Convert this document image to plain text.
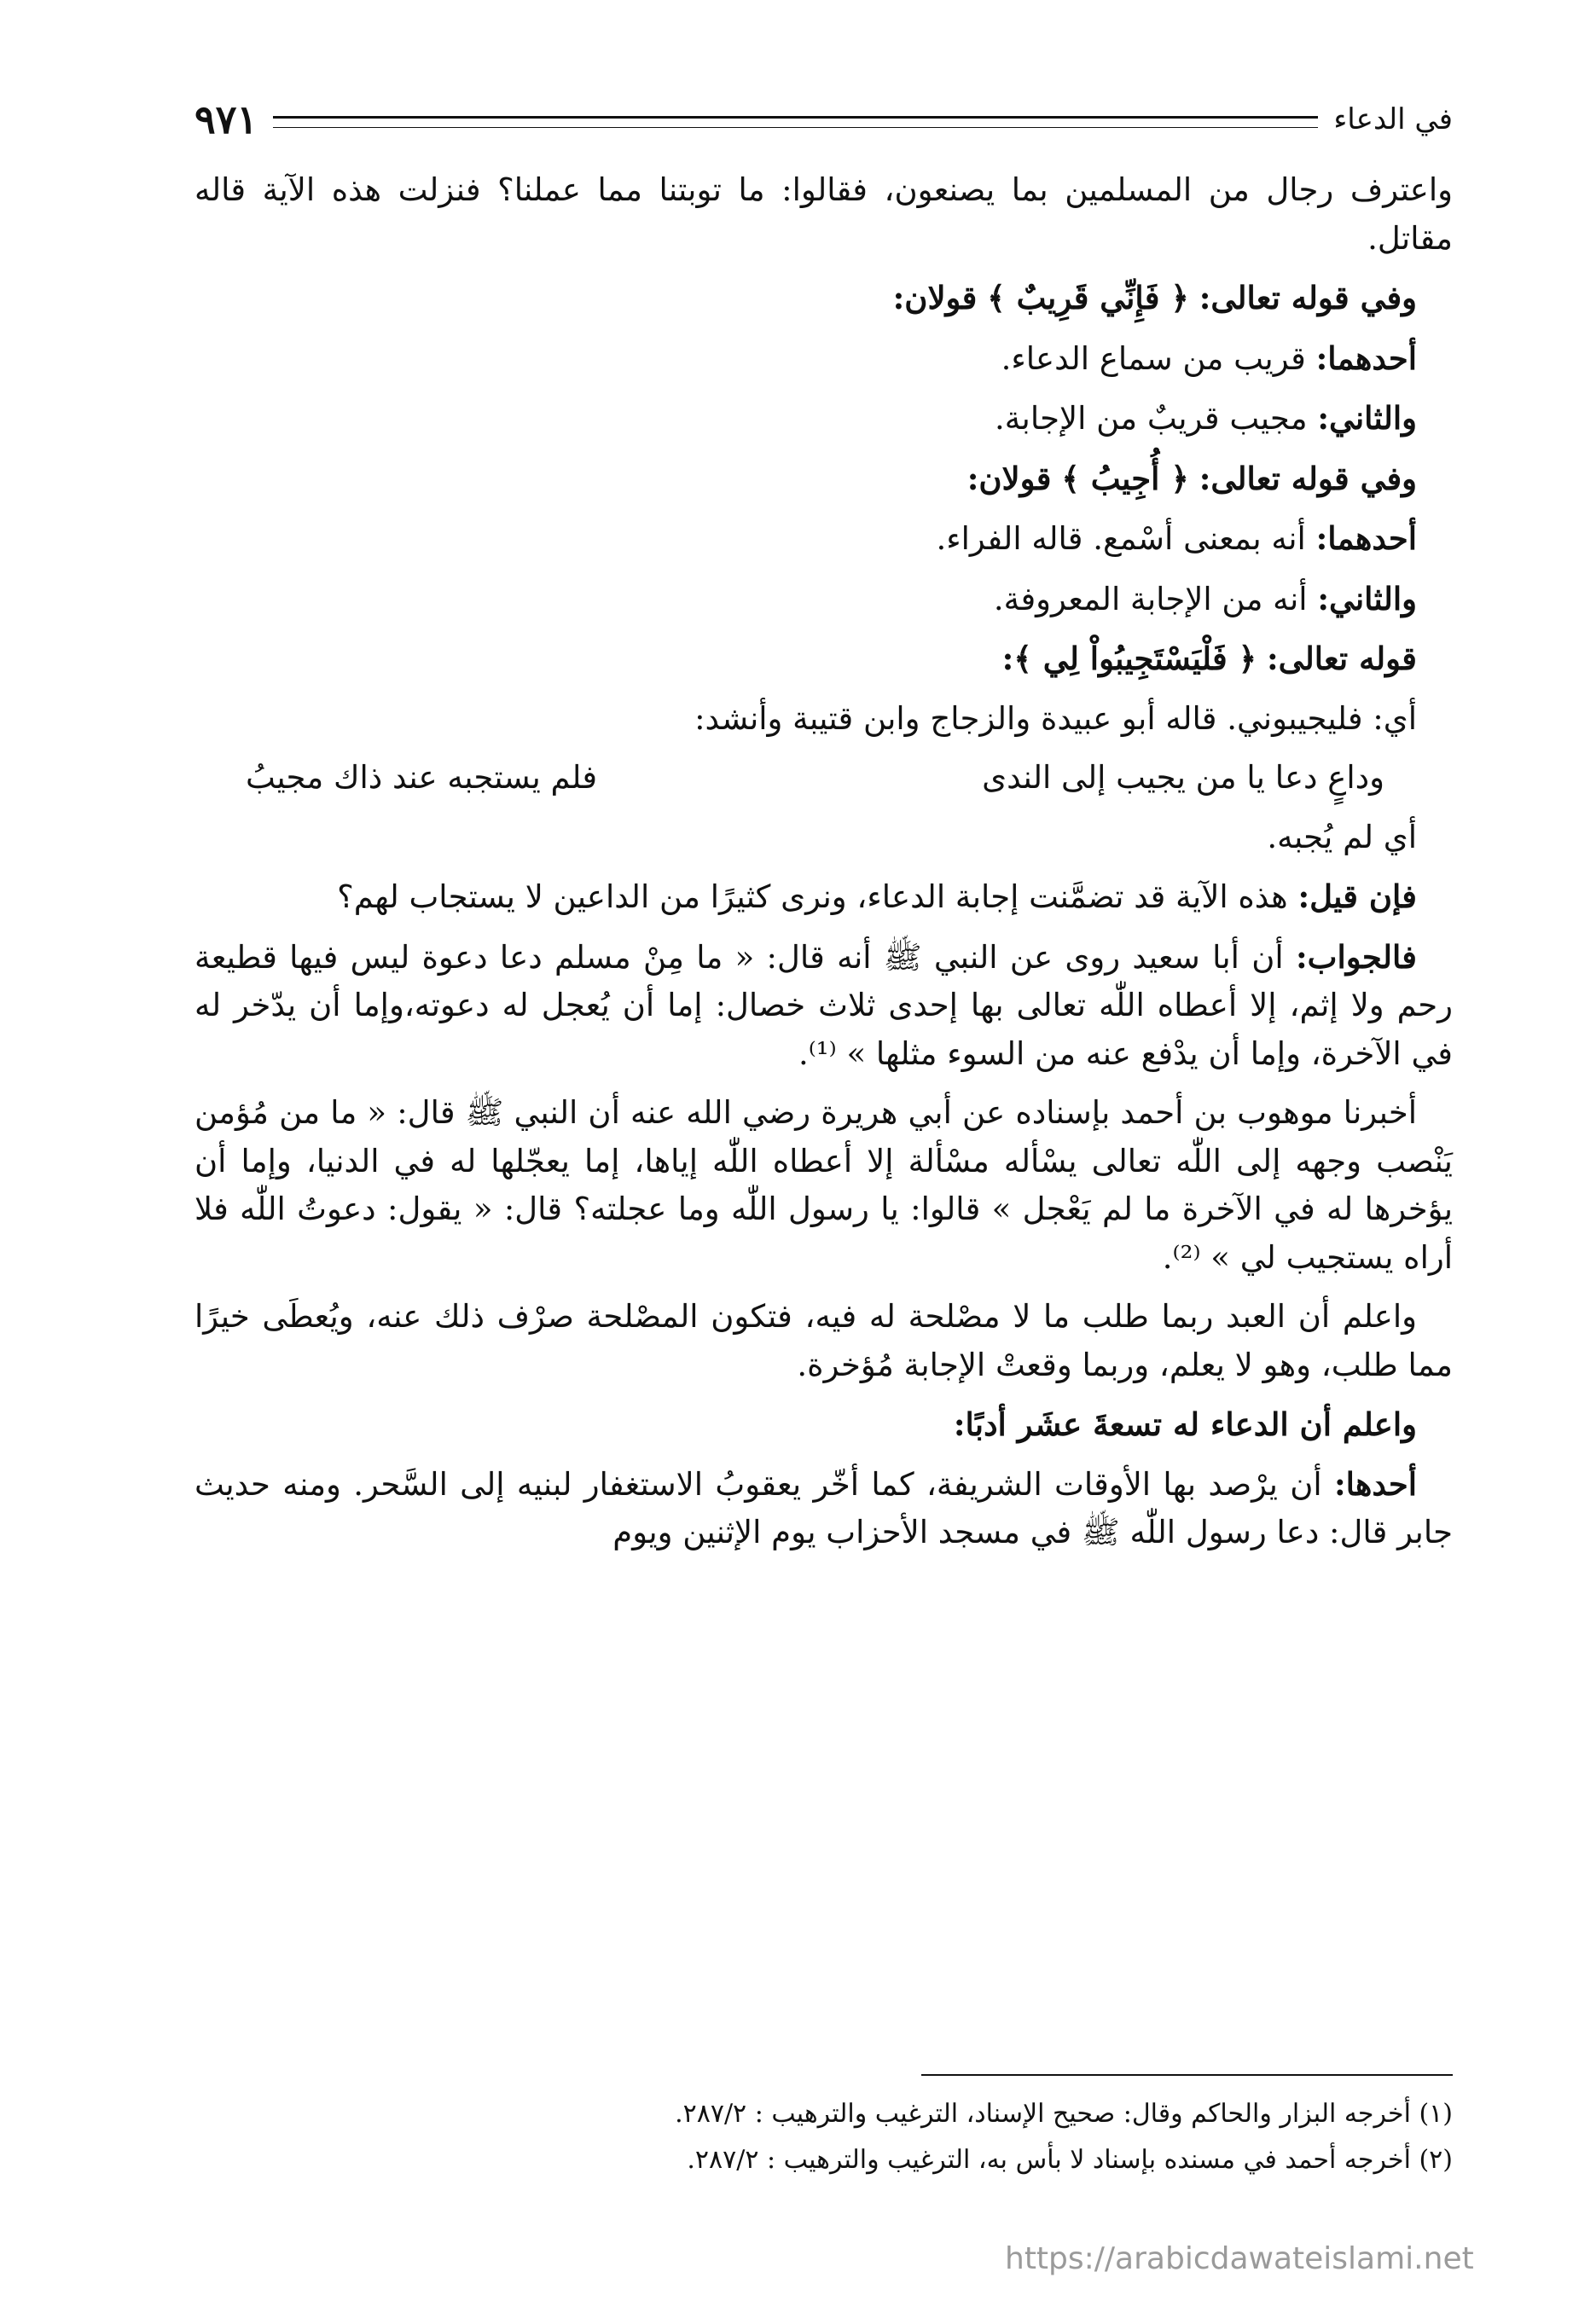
في الدعاء
٩٧١

واعترف رجال من المسلمين بما يصنعون، فقالوا: ما توبتنا مما عملنا؟ فنزلت هذه الآية قاله مقاتل.

وفي قوله تعالى: ﴿ فَإِنِّي قَرِيبٌ ﴾ قولان:

أحدهما: قريب من سماع الدعاء.

والثاني: مجيب قريبٌ من الإجابة.

وفي قوله تعالى: ﴿ أُجِيبُ ﴾ قولان:

أحدهما: أنه بمعنى أسْمع. قاله الفراء.

والثاني: أنه من الإجابة المعروفة.

قوله تعالى: ﴿ فَلْيَسْتَجِيبُواْ لِي ﴾:

أي: فليجيبوني. قاله أبو عبيدة والزجاج وابن قتيبة وأنشد:

وداعٍ دعا يا من يجيب إلى الندى
فلم يستجبه عند ذاك مجيبُ

أي لم يُجبه.

فإن قيل: هذه الآية قد تضمَّنت إجابة الدعاء، ونرى كثيرًا من الداعين لا يستجاب لهم؟

فالجواب: أن أبا سعيد روى عن النبي ﷺ أنه قال: « ما مِنْ مسلم دعا دعوة ليس فيها قطيعة رحم ولا إثم، إلا أعطاه اللّٰه تعالى بها إحدى ثلاث خصال: إما أن يُعجل له دعوته،وإما أن يدّخر له في الآخرة، وإما أن يدْفع عنه من السوء مثلها » ⁽¹⁾.

أخبرنا موهوب بن أحمد بإسناده عن أبي هريرة رضي الله عنه أن النبي ﷺ قال: « ما من مُؤمن يَنْصب وجهه إلى اللّٰه تعالى يسْأله مسْألة إلا أعطاه اللّٰه إياها، إما يعجّلها له في الدنيا، وإما أن يؤخرها له في الآخرة ما لم يَعْجل » قالوا: يا رسول اللّٰه وما عجلته؟ قال: « يقول: دعوتُ اللّٰه فلا أراه يستجيب لي » ⁽²⁾.

واعلم أن العبد ربما طلب ما لا مصْلحة له فيه، فتكون المصْلحة صرْف ذلك عنه، ويُعطَى خيرًا مما طلب، وهو لا يعلم، وربما وقعتْ الإجابة مُؤخرة.

واعلم أن الدعاء له تسعةَ عشَر أدبًا:

أحدها: أن يرْصد بها الأوقات الشريفة، كما أخّر يعقوبُ الاستغفار لبنيه إلى السَّحر. ومنه حديث جابر قال: دعا رسول اللّٰه ﷺ في مسجد الأحزاب يوم الإثنين ويوم

(١) أخرجه البزار والحاكم وقال: صحيح الإسناد، الترغيب والترهيب : ٢٨٧/٢.

(٢) أخرجه أحمد في مسنده بإسناد لا بأس به، الترغيب والترهيب : ٢٨٧/٢.

https://arabicdawateislami.net
